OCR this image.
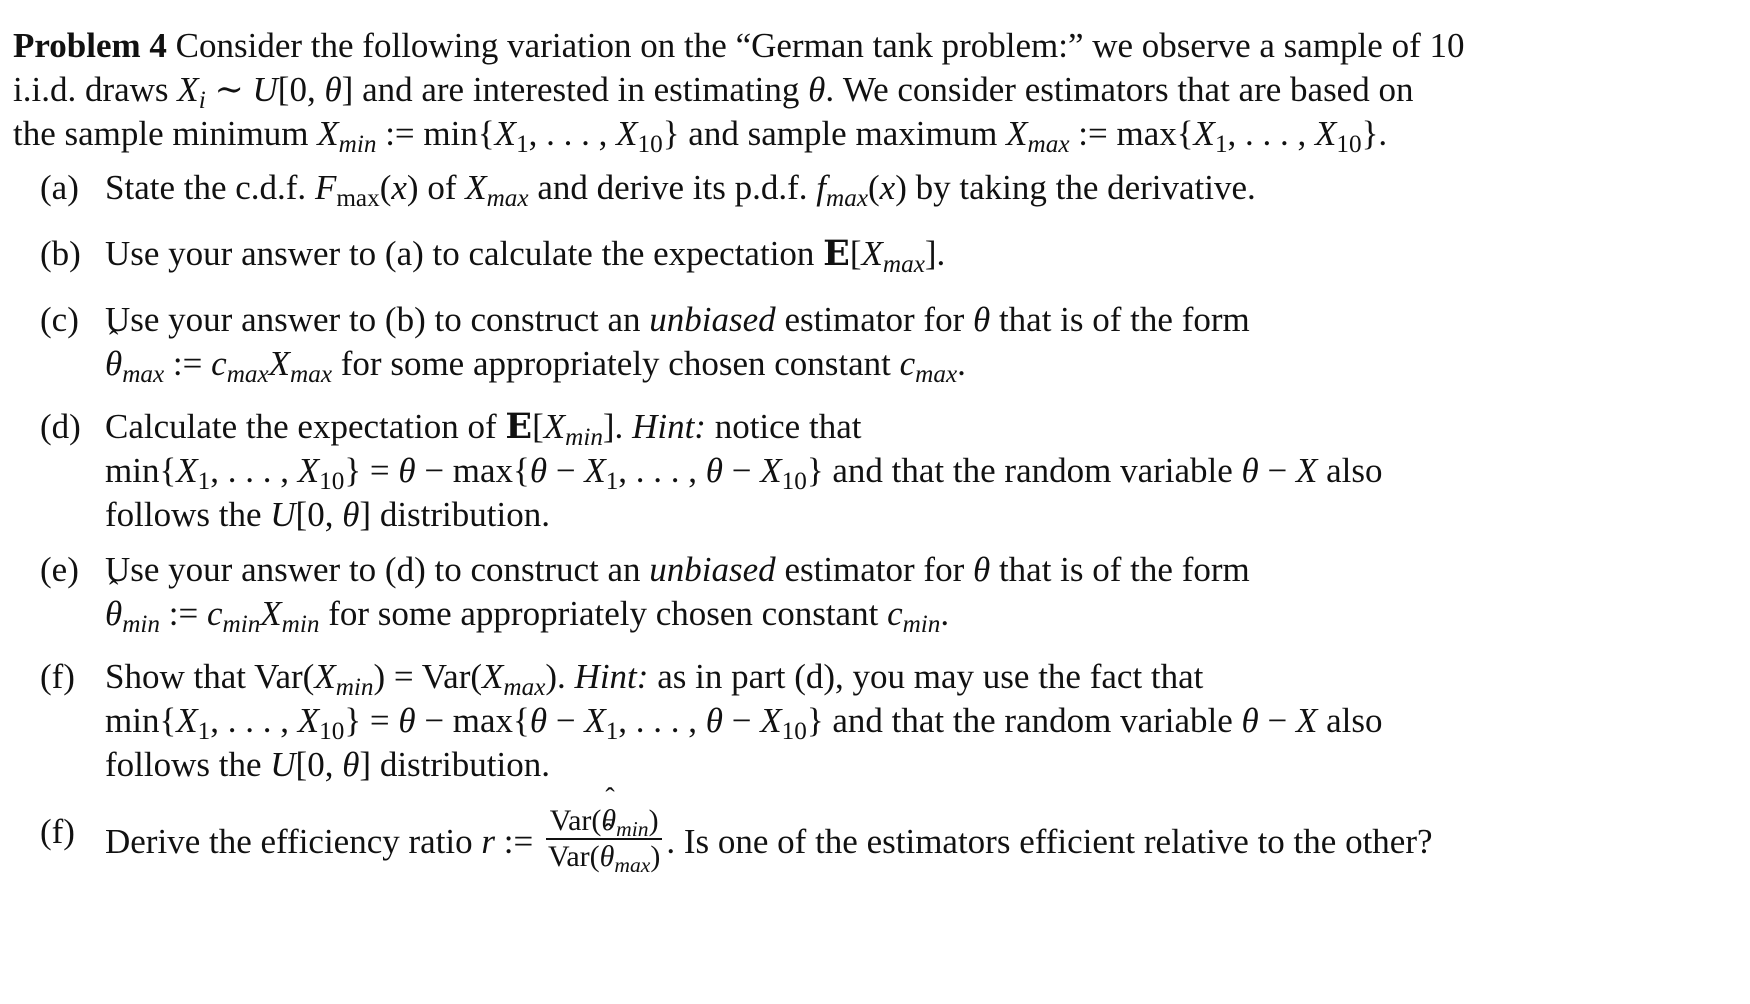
Problem 4 Consider the following variation on the “German tank problem:” we observe a sample of 10
i.i.d. draws $X_i$ ∼ U[0, θ] and are interested in estimating θ. We consider estimators that are based on
the sample minimum $X_{min}$ := $\min\{X_1$, . . . , $X_{10}$} and sample maximum $X_{max}$ := $\max\{X_1$, . . . , $X_{10}$}.
(a) State the c.d.f. $F_{max}(x)$ of $X_{max}$ and derive its p.d.f. $f_{max}(x)$ by taking the derivative.
(b) Use your answer to (a) to calculate the expectation $E[X_{max}]$.
(c) Use your answer to (b) to construct an unbiased estimator for θ that is of the form
ˆ $\theta_{max}$ := $c_{max}X_{max}$ for some appropriately chosen constant $c_{max}$.
(d) Calculate the expectation of $E[X_{min}]$. Hint: notice that
$\min\{X_1$, . . . , $X_{10}\} = \theta - \max\{\theta - X_1$, . . . , $\theta - X_{10}$} and that the random variable θ − X also
follows the U[0, θ] distribution.
(e) Use your answer to (d) to construct an unbiased estimator for θ that is of the form
ˆ $\theta_{min}$ := $c_{min}X_{min}$ for some appropriately chosen constant $c_{min}$.
(f) Show that $Var(X_{min}) = Var(X_{max})$. Hint: as in part (d), you may use the fact that
$\min\{X_1$, . . . , $X_{10}\} = \theta - \max\{\theta - X_1$, . . . , $\theta - X_{10}$} and that the random variable θ − X also
follows the U[0, θ] distribution.
(f) Derive the efficiency ratio r := $\frac{Var(ˆ \theta_{min})}{Var(ˆ \theta_{max})}$ . Is one of the estimators efficient relative to the other?
